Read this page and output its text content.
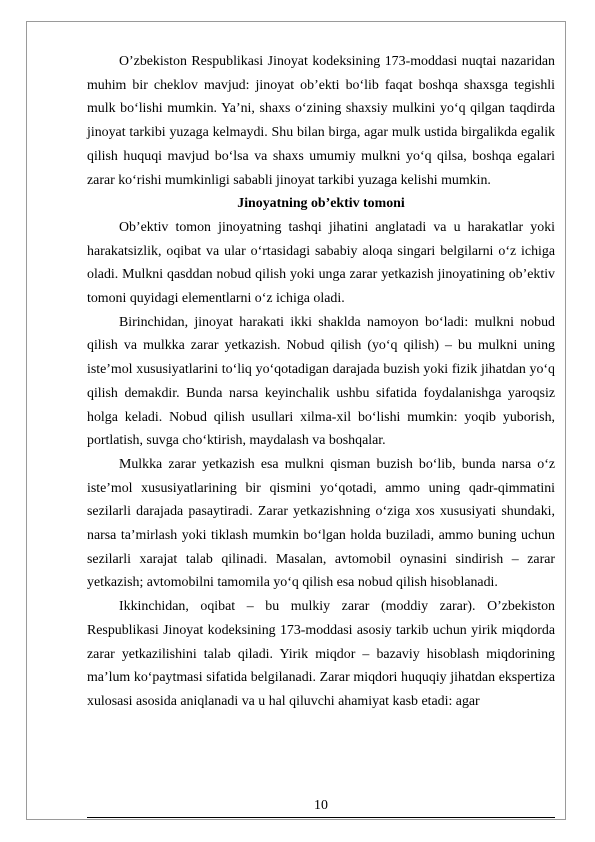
O’zbekiston Respublikasi Jinoyat kodeksining 173-moddasi nuqtai nazaridan muhim bir cheklov mavjud: jinoyat ob’ekti bo‘lib faqat boshqa shaxsga tegishli mulk bo‘lishi mumkin. Ya’ni, shaxs o‘zining shaxsiy mulkini yo‘q qilgan taqdirda jinoyat tarkibi yuzaga kelmaydi. Shu bilan birga, agar mulk ustida birgalikda egalik qilish huquqi mavjud bo‘lsa va shaxs umumiy mulkni yo‘q qilsa, boshqa egalari zarar ko‘rishi mumkinligi sababli jinoyat tarkibi yuzaga kelishi mumkin.

Jinoyatning ob’ektiv tomoni

Ob’ektiv tomon jinoyatning tashqi jihatini anglatadi va u harakatlar yoki harakatsizlik, oqibat va ular o‘rtasidagi sababiy aloqa singari belgilarni o‘z ichiga oladi. Mulkni qasddan nobud qilish yoki unga zarar yetkazish jinoyatining ob’ektiv tomoni quyidagi elementlarni o‘z ichiga oladi.

Birinchidan, jinoyat harakati ikki shaklda namoyon bo‘ladi: mulkni nobud qilish va mulkka zarar yetkazish. Nobud qilish (yo‘q qilish) – bu mulkni uning iste’mol xususiyatlarini to‘liq yo‘qotadigan darajada buzish yoki fizik jihatdan yo‘q qilish demakdir. Bunda narsa keyinchalik ushbu sifatida foydalanishga yaroqsiz holga keladi. Nobud qilish usullari xilma-xil bo‘lishi mumkin: yoqib yuborish, portlatish, suvga cho‘ktirish, maydalash va boshqalar.

Mulkka zarar yetkazish esa mulkni qisman buzish bo‘lib, bunda narsa o‘z iste’mol xususiyatlarining bir qismini yo‘qotadi, ammo uning qadr-qimmatini sezilarli darajada pasaytiradi. Zarar yetkazishning o‘ziga xos xususiyati shundaki, narsa ta’mirlash yoki tiklash mumkin bo‘lgan holda buziladi, ammo buning uchun sezilarli xarajat talab qilinadi. Masalan, avtomobil oynasini sindirish – zarar yetkazish; avtomobilni tamomila yo‘q qilish esa nobud qilish hisoblanadi.

Ikkinchidan, oqibat – bu mulkiy zarar (moddiy zarar). O’zbekiston Respublikasi Jinoyat kodeksining 173-moddasi asosiy tarkib uchun yirik miqdorda zarar yetkazilishini talab qiladi. Yirik miqdor – bazaviy hisoblash miqdorining ma’lum ko‘paytmasi sifatida belgilanadi. Zarar miqdori huquqiy jihatdan ekspertiza xulosasi asosida aniqlanadi va u hal qiluvchi ahamiyat kasb etadi: agar

10
